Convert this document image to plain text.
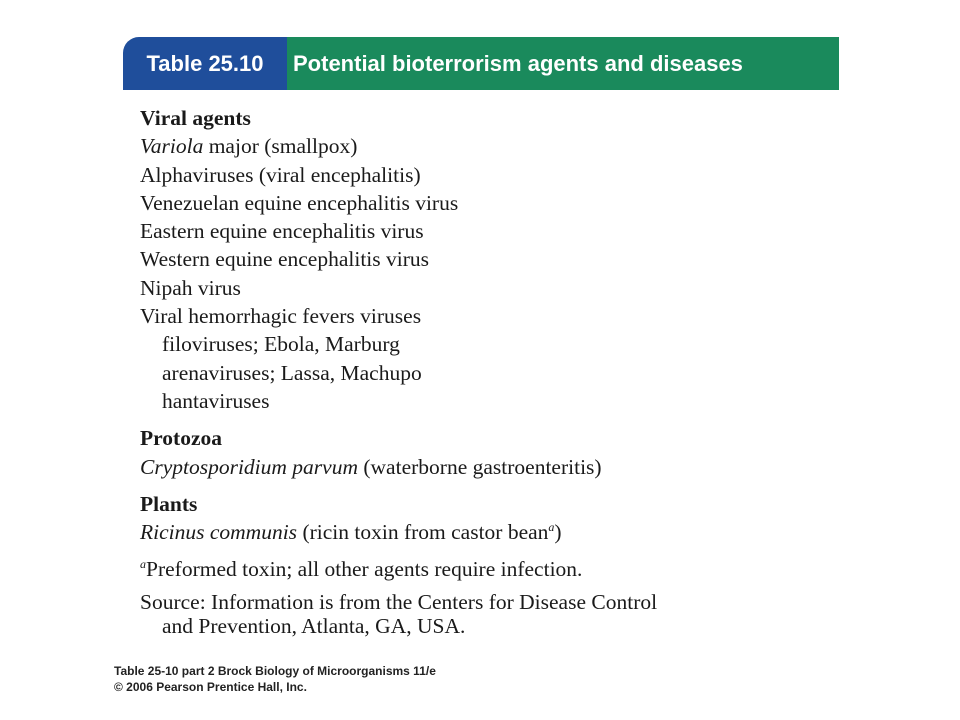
Table 25.10	Potential bioterrorism agents and diseases
Viral agents
Variola major (smallpox)
Alphaviruses (viral encephalitis)
Venezuelan equine encephalitis virus
Eastern equine encephalitis virus
Western equine encephalitis virus
Nipah virus
Viral hemorrhagic fevers viruses
filoviruses; Ebola, Marburg
arenaviruses; Lassa, Machupo
hantaviruses
Protozoa
Cryptosporidium parvum (waterborne gastroenteritis)
Plants
Ricinus communis (ricin toxin from castor bean$^a$)
$^a$Preformed toxin; all other agents require infection.
Source: Information is from the Centers for Disease Control
and Prevention, Atlanta, GA, USA.
Table 25-10 part 2 Brock Biology of Microorganisms 11/e
© 2006 Pearson Prentice Hall, Inc.
